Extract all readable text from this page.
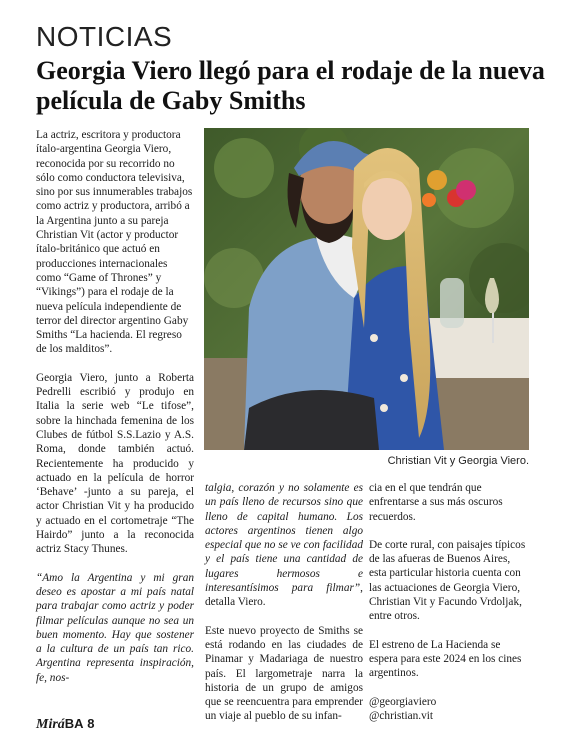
NOTICIAS
Georgia Viero llegó para el rodaje de la nueva película de Gaby Smiths

La actriz, escritora y productora ítalo-argentina Georgia Viero, reconocida por su recorrido no sólo como conductora televisiva, sino por sus innumerables trabajos como actriz y productora, arribó a la Argentina junto a su pareja Christian Vit (actor y productor ítalo-británico que actuó en producciones internacionales como “Game of Thrones” y “Vikings”) para el rodaje de la nueva película independiente de terror del director argentino Gaby Smiths “La hacienda. El regreso de los malditos”.

Georgia Viero, junto a Roberta Pedrelli escribió y produjo en Italia la serie web “Le tifose”, sobre la hinchada femenina de los Clubes de fútbol S.S.Lazio y A.S. Roma, donde también actuó. Recientemente ha producido y actuado en la película de horror ‘Behave’ -junto a su pareja, el actor Christian Vit y ha producido y actuado en el cortometraje “The Hairdo” junto a la reconocida actriz Stacy Thunes.

“Amo la Argentina y mi gran deseo es apostar a mi país natal para trabajar como actriz y poder filmar películas aunque no sea un buen momento. Hay que sostener a la cultura de un país tan rico. Argentina representa inspiración, fe, nos-

Christian Vit y Georgia Viero.

talgia, corazón y no solamente es un país lleno de recursos sino que lleno de capital humano. Los actores argentinos tienen algo especial que no se ve con facilidad y el país tiene una cantidad de lugares hermosos e interesantísimos para filmar”, detalla Viero.

Este nuevo proyecto de Smiths se está rodando en las ciudades de Pinamar y Madariaga de nuestro país. El largometraje narra la historia de un grupo de amigos que se reencuentra para emprender un viaje al pueblo de su infan-

cia en el que tendrán que enfrentarse a sus más oscuros recuerdos.

De corte rural, con paisajes típicos de las afueras de Buenos Aires, esta particular historia cuenta con las actuaciones de Georgia Viero, Christian Vit y Facundo Vrdoljak, entre otros.

El estreno de La Hacienda se espera para este 2024 en los cines argentinos.

@georgiaviero
@christian.vit
MiráBA 8
